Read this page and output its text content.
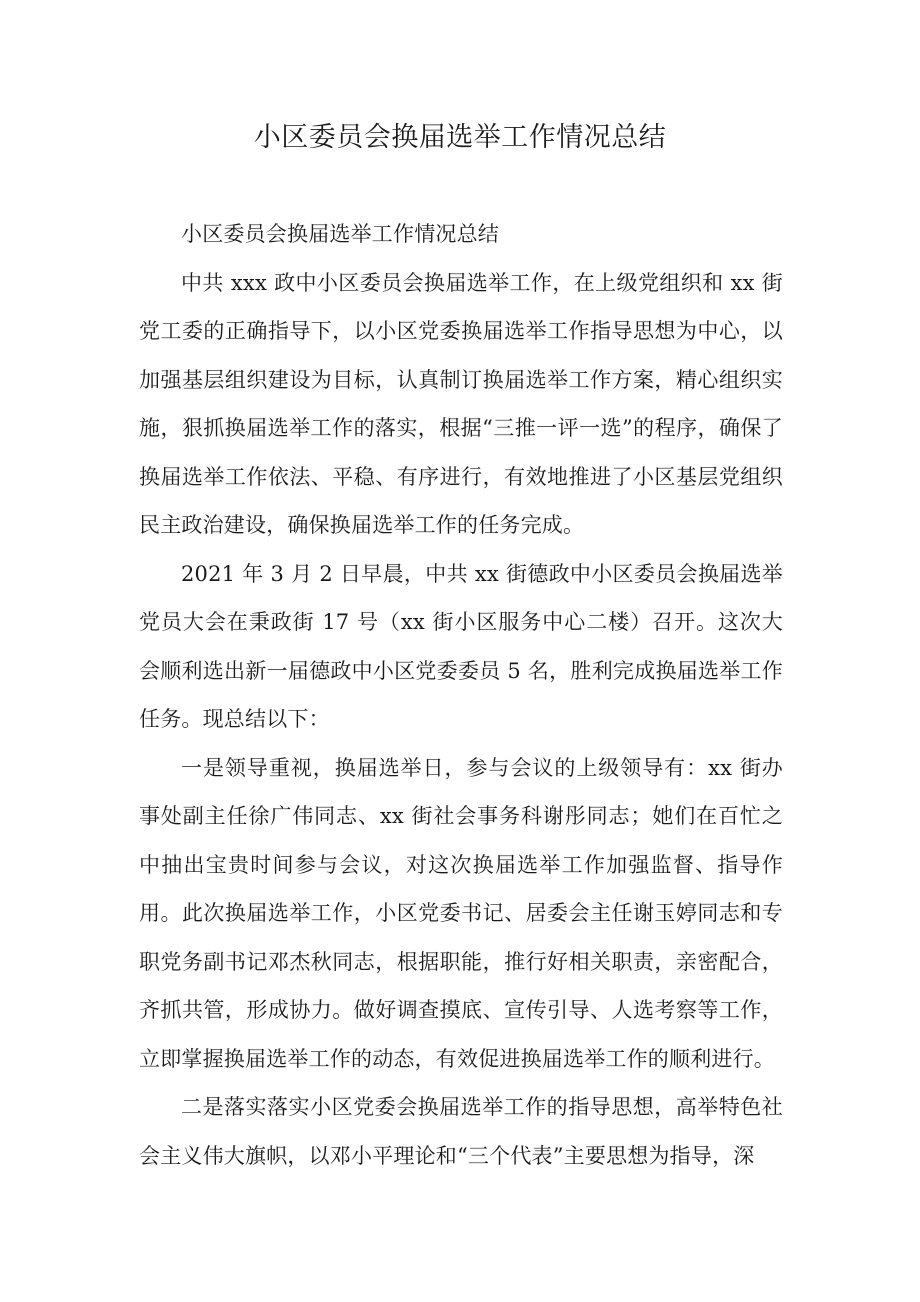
小区委员会换届选举工作情况总结

小区委员会换届选举工作情况总结

中共 xxx 政中小区委员会换届选举工作，在上级党组织和 xx 街党工委的正确指导下，以小区党委换届选举工作指导思想为中心，以加强基层组织建设为目标，认真制订换届选举工作方案，精心组织实施，狠抓换届选举工作的落实，根据“三推一评一选”的程序，确保了换届选举工作依法、平稳、有序进行，有效地推进了小区基层党组织民主政治建设，确保换届选举工作的任务完成。

2021 年 3 月 2 日早晨，中共 xx 街德政中小区委员会换届选举党员大会在秉政街 17 号（xx 街小区服务中心二楼）召开。这次大会顺利选出新一届德政中小区党委委员 5 名，胜利完成换届选举工作任务。现总结以下：

一是领导重视，换届选举日，参与会议的上级领导有：xx 街办事处副主任徐广伟同志、xx 街社会事务科谢彤同志；她们在百忙之中抽出宝贵时间参与会议，对这次换届选举工作加强监督、指导作用。此次换届选举工作，小区党委书记、居委会主任谢玉婷同志和专职党务副书记邓杰秋同志，根据职能，推行好相关职责，亲密配合，齐抓共管，形成协力。做好调查摸底、宣传引导、人选考察等工作，立即掌握换届选举工作的动态，有效促进换届选举工作的顺利进行。

二是落实落实小区党委会换届选举工作的指导思想，高举特色社会主义伟大旗帜，以邓小平理论和“三个代表”主要思想为指导，深
